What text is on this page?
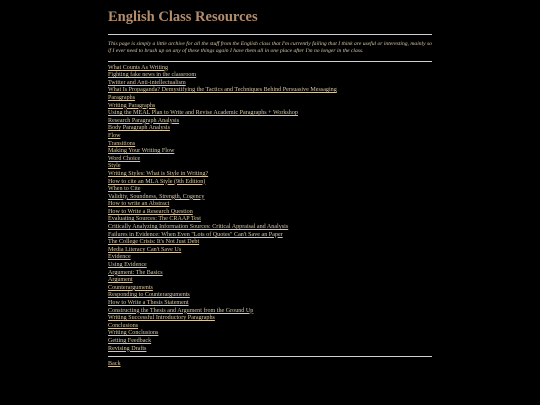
English Class Resources

This page is simply a little archive for all the stuff from the English class that I'm currently failing that I think are useful or interesting, mainly so if I ever need to brush up on any of these things again I have them all in one place after I'm no longer in the class.

What Counts As Writing
Fighting fake news in the classroom
Twitter and Anti-intellectualism
What Is Propaganda? Demystifying the Tactics and Techniques Behind Persuasive Messaging
Paragraphs
Writing Paragraphs
Using the MEAL Plan to Write and Revise Academic Paragraphs + Workshop
Research Paragraph Analysis
Body Paragraph Analysis
Flow
Transitions
Making Your Writing Flow
Word Choice
Style
Writing Styles: What is Style in Writing?
How to cite an MLA Style (9th Edition)
When to Cite
Validity, Soundness, Strength, Cogency
How to write an Abstract
How to Write a Research Question
Evaluating Sources: The CRAAP Test
Critically Analyzing Information Sources: Critical Appraisal and Analysis
Failures in Evidence: When Even "Lots of Quotes" Can't Save an Paper
The College Crisis: It's Not Just Debt
Media Literacy Can't Save Us
Evidence
Using Evidence
Argument: The Basics
Argument
Counterarguments
Responding to Counterarguments
How to Write a Thesis Statement
Constructing the Thesis and Argument from the Ground Up
Writing Successful Introductory Paragraphs
Conclusions
Writing Conclusions
Getting Feedback
Revising Drafts
Back
